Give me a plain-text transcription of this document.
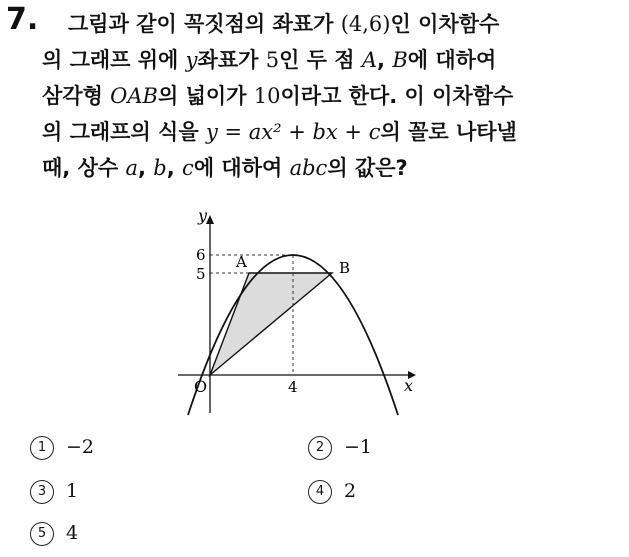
7.	그림과 같이 꼭짓점의 좌표가 (4,6)인 이차함수
의 그래프 위에 y좌표가 5인 두 점 A, B에 대하여
삼각형 OAB의 넓이가 10이라고 한다. 이 이차함수
의 그래프의 식을 y = ax² + bx + c의 꼴로 나타낼
때, 상수 a, b, c에 대하여 abc의 값은?
y
x
O
6
5
4
A	B
1 −2	2 −1
3 1	4 2
5 4
